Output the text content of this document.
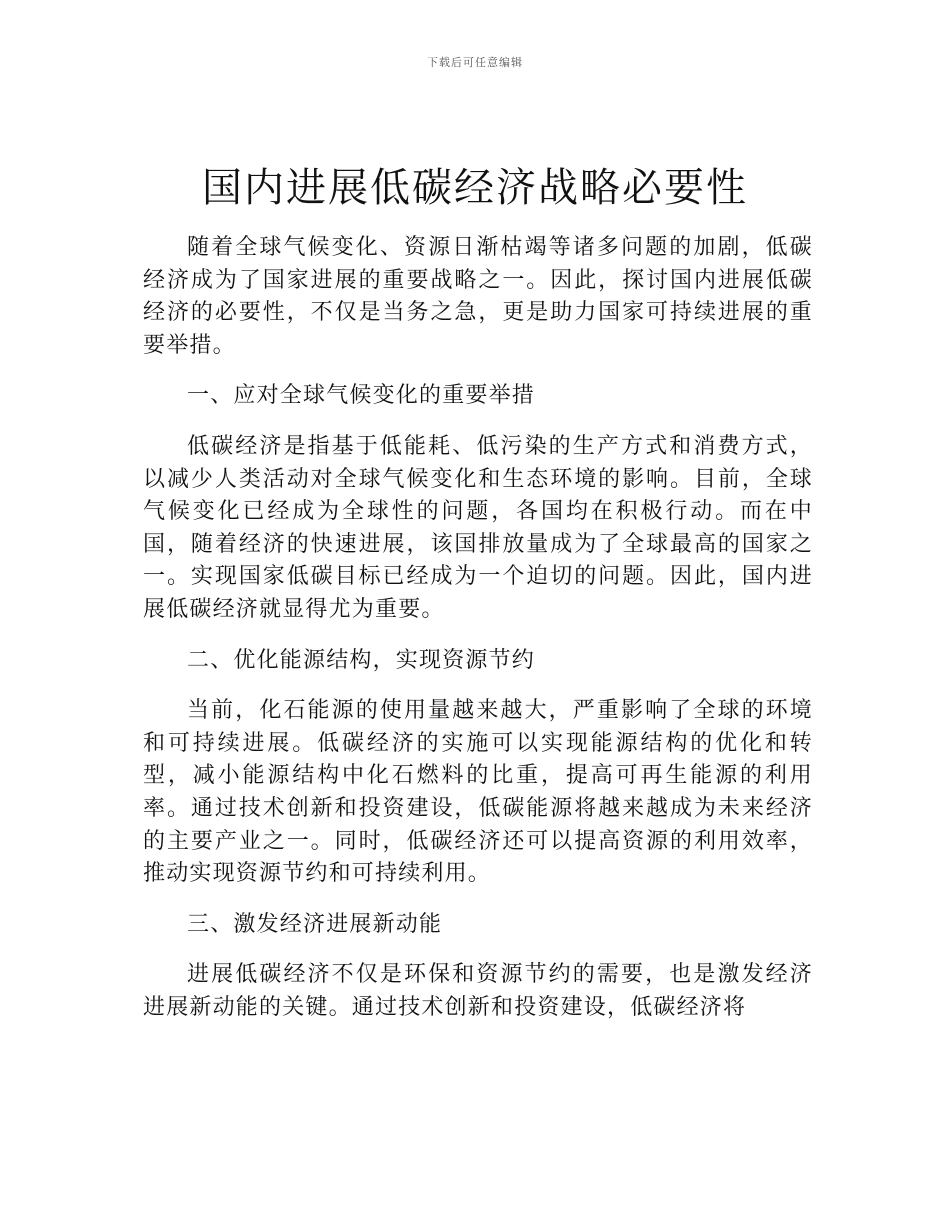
下载后可任意编辑
国内进展低碳经济战略必要性

随着全球气候变化、资源日渐枯竭等诸多问题的加剧，低碳经济成为了国家进展的重要战略之一。因此，探讨国内进展低碳经济的必要性，不仅是当务之急，更是助力国家可持续进展的重要举措。

一、应对全球气候变化的重要举措

低碳经济是指基于低能耗、低污染的生产方式和消费方式，以减少人类活动对全球气候变化和生态环境的影响。目前，全球气候变化已经成为全球性的问题，各国均在积极行动。而在中国，随着经济的快速进展，该国排放量成为了全球最高的国家之一。实现国家低碳目标已经成为一个迫切的问题。因此，国内进展低碳经济就显得尤为重要。

二、优化能源结构，实现资源节约

当前，化石能源的使用量越来越大，严重影响了全球的环境和可持续进展。低碳经济的实施可以实现能源结构的优化和转型，减小能源结构中化石燃料的比重，提高可再生能源的利用率。通过技术创新和投资建设，低碳能源将越来越成为未来经济的主要产业之一。同时，低碳经济还可以提高资源的利用效率，推动实现资源节约和可持续利用。

三、激发经济进展新动能

进展低碳经济不仅是环保和资源节约的需要，也是激发经济进展新动能的关键。通过技术创新和投资建设，低碳经济将
